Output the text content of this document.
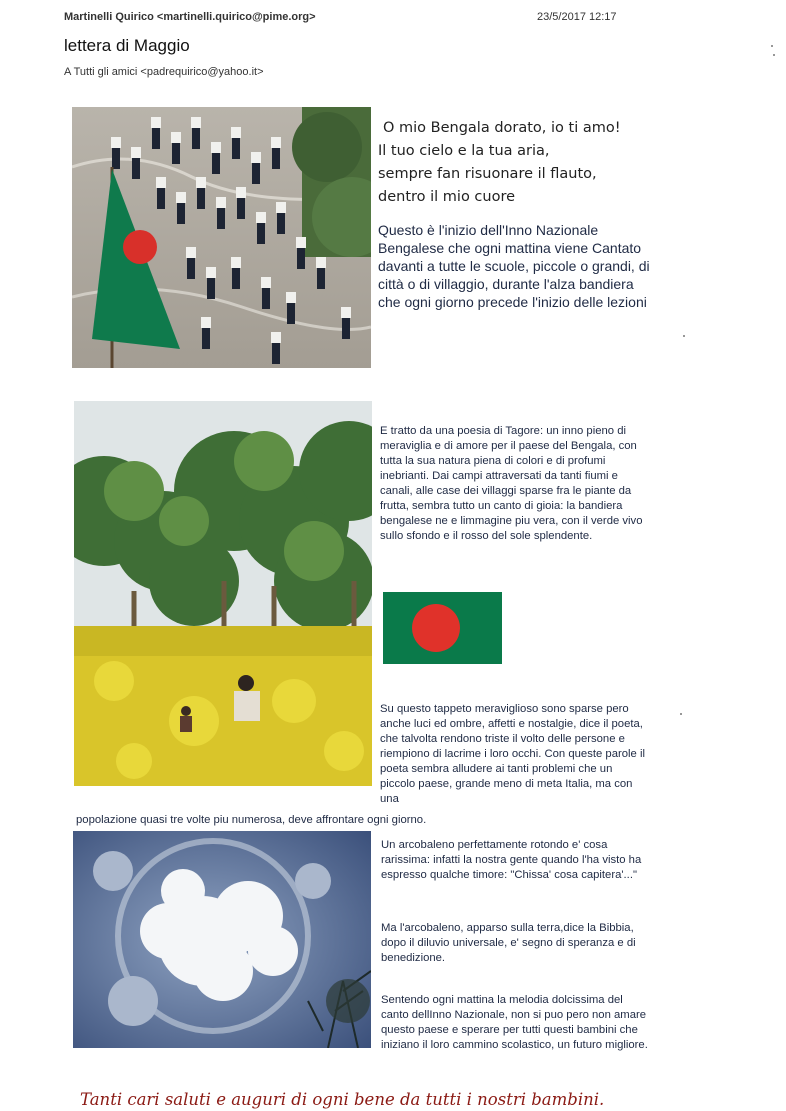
Martinelli Quirico <martinelli.quirico@pime.org>	23/5/2017 12:17
lettera di Maggio
A Tutti gli amici <padrequirico@yahoo.it>
O mio Bengala dorato, io ti amo!
Il tuo cielo e la tua aria,
sempre fan risuonare il flauto,
dentro il mio cuore
Questo è l'inizio dell'Inno Nazionale Bengalese che ogni mattina viene Cantato davanti a tutte le scuole, piccole o grandi, di città o di villaggio, durante l'alza bandiera che ogni giorno precede l'inizio delle lezioni
E tratto da una poesia di Tagore: un inno pieno di meraviglia e di amore per il paese del Bengala, con tutta la sua natura piena di colori e di profumi inebrianti. Dai campi attraversati da tanti fiumi e canali, alle case dei villaggi sparse fra le piante da frutta, sembra tutto un canto di gioia: la bandiera bengalese ne e limmagine piu vera, con il verde vivo sullo sfondo e il rosso del sole splendente.
Su questo tappeto meraviglioso sono sparse pero anche luci ed ombre, affetti e nostalgie, dice il poeta, che talvolta rendono triste il volto delle persone e riempiono di lacrime i loro occhi. Con queste parole il poeta sembra alludere ai tanti problemi che un piccolo paese, grande meno di meta Italia, ma con una
popolazione quasi tre volte piu numerosa, deve affrontare ogni giorno.
Un arcobaleno perfettamente rotondo e' cosa rarissima: infatti la nostra gente quando l'ha visto ha espresso qualche timore: "Chissa' cosa capitera'..."
Ma l'arcobaleno, apparso sulla terra,dice la Bibbia, dopo il diluvio universale, e' segno di speranza e di benedizione.
Sentendo ogni mattina la melodia dolcissima del canto dellInno Nazionale, non si puo pero non amare questo paese e sperare per tutti questi bambini che iniziano il loro cammino scolastico, un futuro migliore.
Tanti cari saluti e auguri di ogni bene da tutti i nostri bambini.
